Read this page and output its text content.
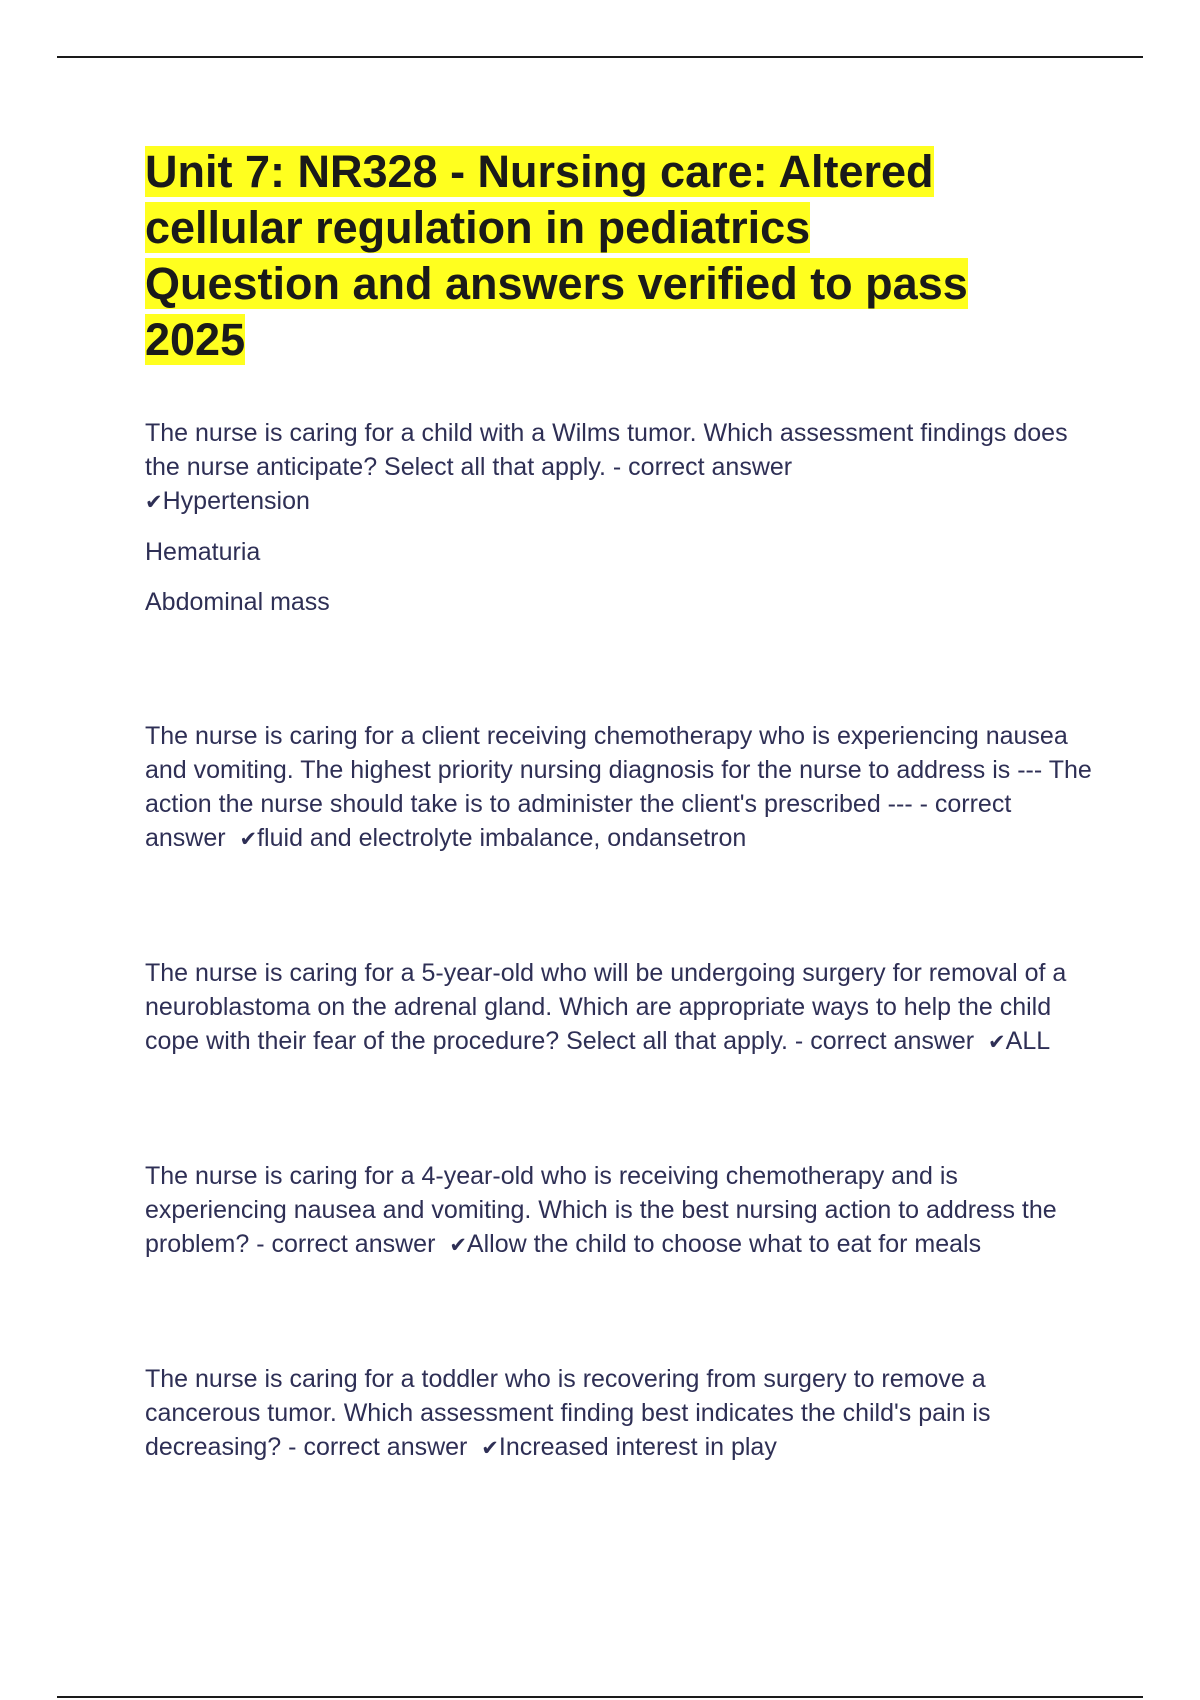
Unit 7: NR328 - Nursing care: Altered
cellular regulation in pediatrics
Question and answers verified to pass
2025

The nurse is caring for a child with a Wilms tumor. Which assessment findings does the nurse anticipate? Select all that apply. - correct answer
✔Hypertension

Hematuria

Abdominal mass

The nurse is caring for a client receiving chemotherapy who is experiencing nausea and vomiting. The highest priority nursing diagnosis for the nurse to address is --- The action the nurse should take is to administer the client's prescribed --- - correct answer ✔fluid and electrolyte imbalance, ondansetron

The nurse is caring for a 5-year-old who will be undergoing surgery for removal of a neuroblastoma on the adrenal gland. Which are appropriate ways to help the child cope with their fear of the procedure? Select all that apply. - correct answer ✔ALL

The nurse is caring for a 4-year-old who is receiving chemotherapy and is experiencing nausea and vomiting. Which is the best nursing action to address the problem? - correct answer ✔Allow the child to choose what to eat for meals

The nurse is caring for a toddler who is recovering from surgery to remove a cancerous tumor. Which assessment finding best indicates the child's pain is decreasing? - correct answer ✔Increased interest in play
